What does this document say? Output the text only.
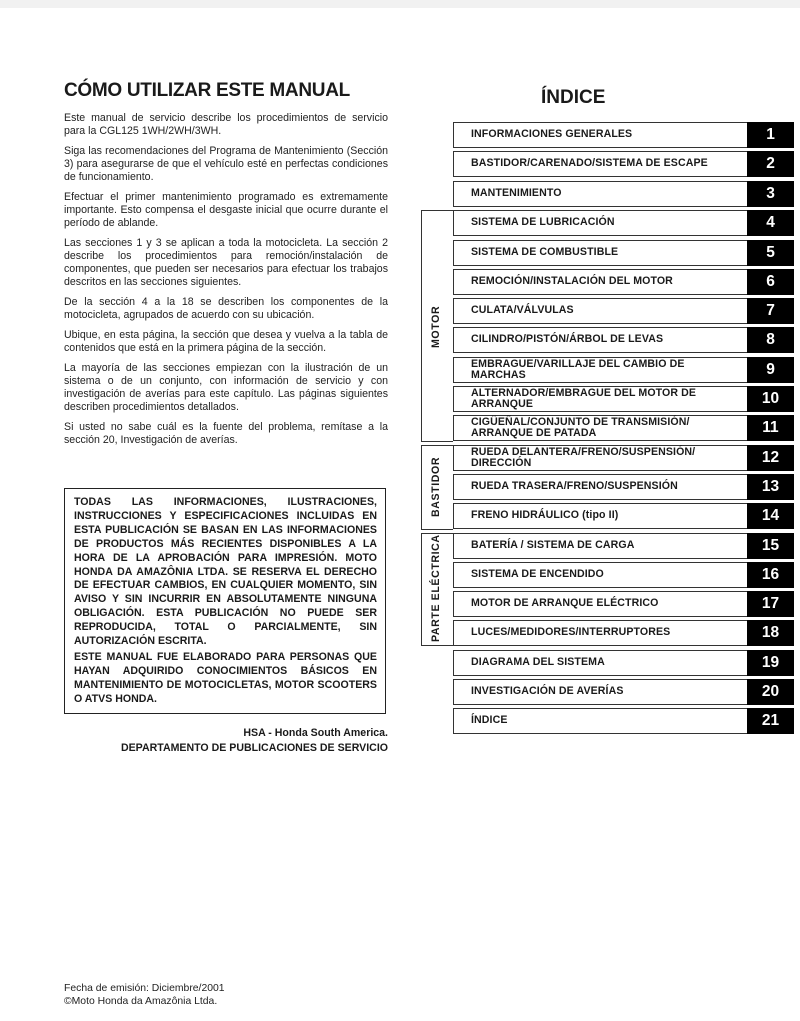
CÓMO UTILIZAR ESTE MANUAL

Este manual de servicio describe los procedimientos de servicio para la CGL125 1WH/2WH/3WH.

Siga las recomendaciones del Programa de Mantenimiento (Sección 3) para asegurarse de que el vehículo esté en perfectas condiciones de funcionamiento.

Efectuar el primer mantenimiento programado es extremamente importante. Esto compensa el desgaste inicial que ocurre durante el período de ablande.

Las secciones 1 y 3 se aplican a toda la motocicleta. La sección 2 describe los procedimientos para remoción/instalación de componentes, que pueden ser necesarios para efectuar los trabajos descritos en las secciones siguientes.

De la sección 4 a la 18 se describen los componentes de la motocicleta, agrupados de acuerdo con su ubicación.

Ubique, en esta página, la sección que desea y vuelva a la tabla de contenidos que está en la primera página de la sección.

La mayoría de las secciones empiezan con la ilustración de un sistema o de un conjunto, con información de servicio y con investigación de averías para este capítulo. Las páginas siguientes describen procedimientos detallados.

Si usted no sabe cuál es la fuente del problema, remítase a la sección 20, Investigación de averías.

TODAS LAS INFORMACIONES, ILUSTRACIONES, INSTRUCCIONES Y ESPECIFICACIONES INCLUIDAS EN ESTA PUBLICACIÓN SE BASAN EN LAS INFORMACIONES DE PRODUCTOS MÁS RECIENTES DISPONIBLES A LA HORA DE LA APROBACIÓN PARA IMPRESIÓN. MOTO HONDA DA AMAZÔNIA LTDA. SE RESERVA EL DERECHO DE EFECTUAR CAMBIOS, EN CUALQUIER MOMENTO, SIN AVISO Y SIN INCURRIR EN ABSOLUTAMENTE NINGUNA OBLIGACIÓN. ESTA PUBLICACIÓN NO PUEDE SER REPRODUCIDA, TOTAL O PARCIALMENTE, SIN AUTORIZACIÓN ESCRITA.

ESTE MANUAL FUE ELABORADO PARA PERSONAS QUE HAYAN ADQUIRIDO CONOCIMIENTOS BÁSICOS EN MANTENIMIENTO DE MOTOCICLETAS, MOTOR SCOOTERS O ATVS HONDA.

HSA - Honda South America.
DEPARTAMENTO DE PUBLICACIONES DE SERVICIO
Fecha de emisión: Diciembre/2001
©Moto Honda da Amazônia Ltda.
ÍNDICE
MOTOR
BASTIDOR
PARTE ELÉCTRICA
INFORMACIONES GENERALES	1
BASTIDOR/CARENADO/SISTEMA DE ESCAPE	2
MANTENIMIENTO	3
SISTEMA DE LUBRICACIÓN	4
SISTEMA DE COMBUSTIBLE	5
REMOCIÓN/INSTALACIÓN DEL MOTOR	6
CULATA/VÁLVULAS	7
CILINDRO/PISTÓN/ÁRBOL DE LEVAS	8
EMBRAGUE/VARILLAJE DEL CAMBIO DE MARCHAS	9
ALTERNADOR/EMBRAGUE DEL MOTOR DE ARRANQUE	10
CIGÜEÑAL/CONJUNTO DE TRANSMISIÓN/ ARRANQUE DE PATADA	11
RUEDA DELANTERA/FRENO/SUSPENSIÓN/ DIRECCIÓN	12
RUEDA TRASERA/FRENO/SUSPENSIÓN	13
FRENO HIDRÁULICO (tipo II)	14
BATERÍA / SISTEMA DE CARGA	15
SISTEMA DE ENCENDIDO	16
MOTOR DE ARRANQUE ELÉCTRICO	17
LUCES/MEDIDORES/INTERRUPTORES	18
DIAGRAMA DEL SISTEMA	19
INVESTIGACIÓN DE AVERÍAS	20
ÍNDICE	21
